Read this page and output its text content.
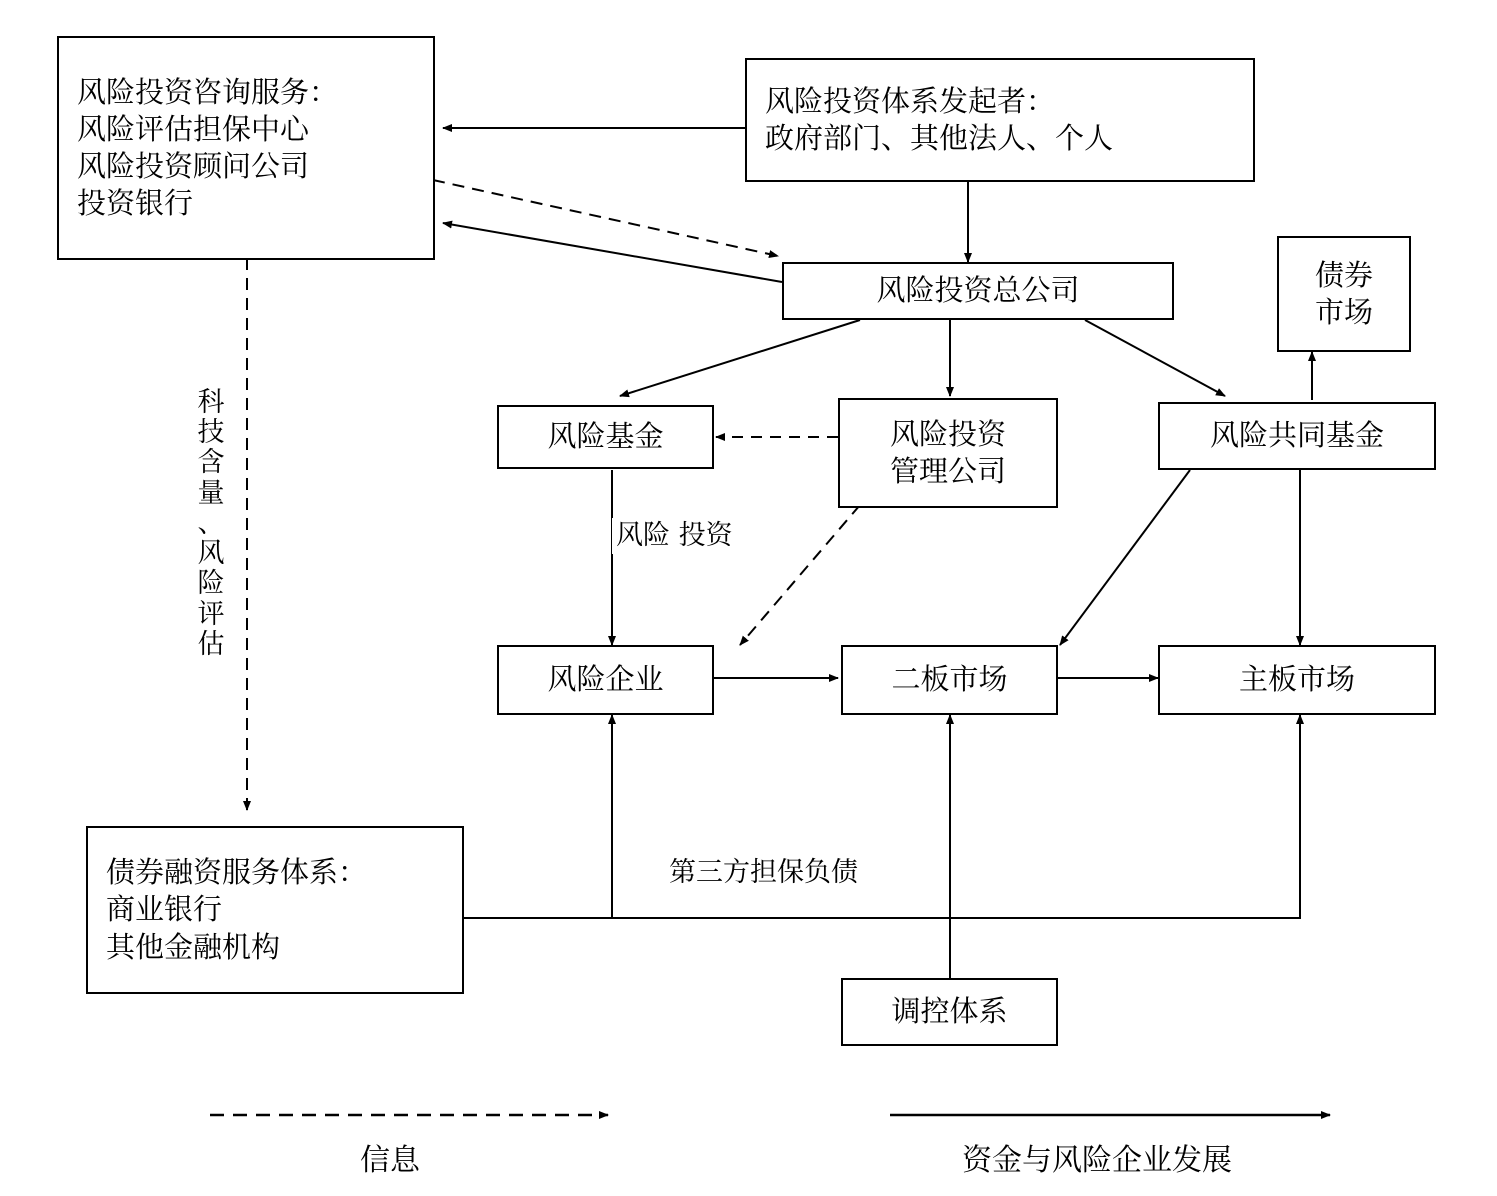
风险投资咨询服务：
风险评估担保中心
风险投资顾问公司
投资银行
风险投资体系发起者：
政府部门、其他法人、个人
风险投资总公司	债券
市场
风险基金	风险投资
管理公司
风险共同基金
风险企业	二板市场	主板市场
债券融资服务体系：
商业银行
其他金融机构
调控体系
风险 投资
第三方担保负债
科
技
含
量
、
风
险
评
估
信息	资金与风险企业发展
